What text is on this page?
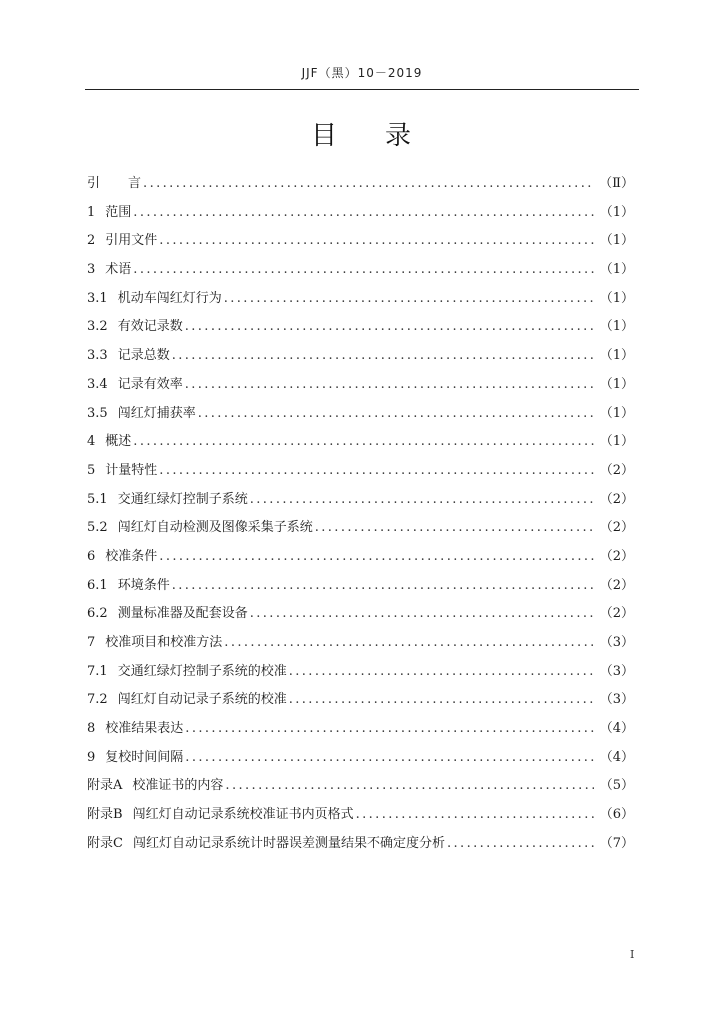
JJF（黑）10－2019
目 录
引 言 .....	（Ⅱ）
1 范围 .....	（1）
2 引用文件 .....	（1）
3 术语 .....	（1）
3.1 机动车闯红灯行为 .....	（1）
3.2 有效记录数 .....	（1）
3.3 记录总数 .....	（1）
3.4 记录有效率 .....	（1）
3.5 闯红灯捕获率 .....	（1）
4 概述 .....	（1）
5 计量特性 .....	（2）
5.1 交通红绿灯控制子系统 .....	（2）
5.2 闯红灯自动检测及图像采集子系统 .....	（2）
6 校准条件 .....	（2）
6.1 环境条件 .....	（2）
6.2 测量标准器及配套设备 .....	（2）
7 校准项目和校准方法 .....	（3）
7.1 交通红绿灯控制子系统的校准 .....	（3）
7.2 闯红灯自动记录子系统的校准 .....	（3）
8 校准结果表达 .....	（4）
9 复校时间间隔 .....	（4）
附录A 校准证书的内容 .....	（5）
附录B 闯红灯自动记录系统校准证书内页格式 .....	（6）
附录C 闯红灯自动记录系统计时器误差测量结果不确定度分析 .....	（7）
Ⅰ
